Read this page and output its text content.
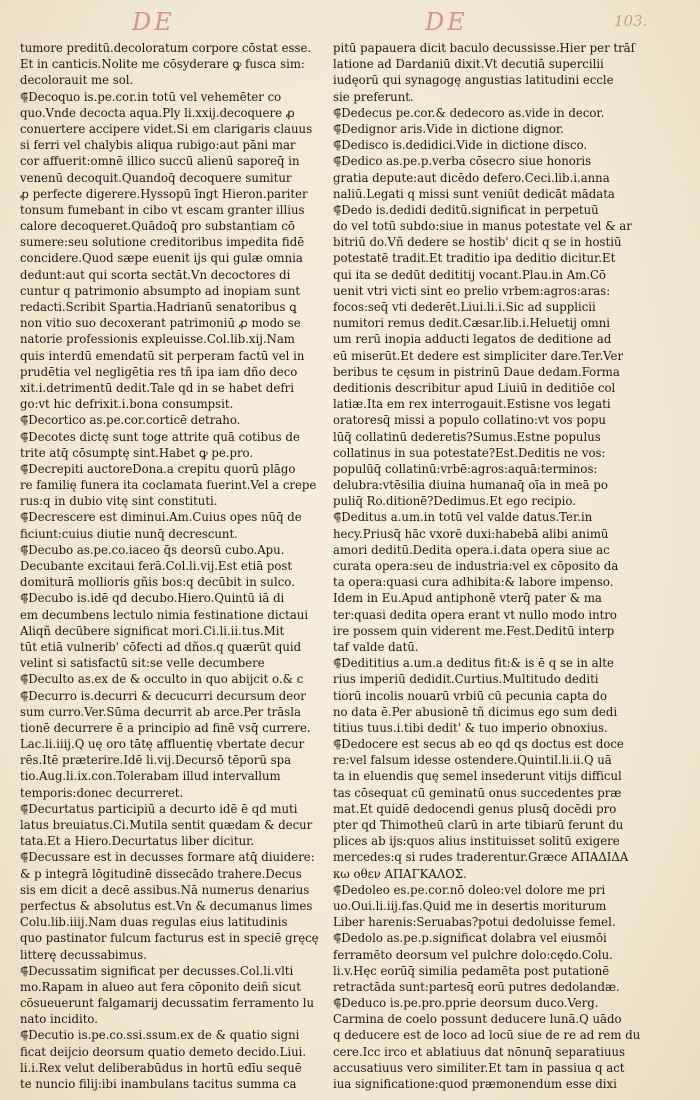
DE	DE	103.
tumore preditū.decoloratum corpore cōstat esse.
Et in canticis.Nolite me cōsyderare ꝙ fusca sim:
decolorauit me sol.
⸿Decoquo is.pe.cor.in totū vel vehemēter co
quo.Vnde decocta aqua.Ply li.xxij.decoquere ꝓ
conuertere accipere videt.Si em clarigaris clauus
si ferri vel chalybis aliqua rubigo:aut pāni mar
cor affuerit:omnē illico succū alienū saporeq̄ in
venenū decoquit.Quandoq̄ decoquere sumitur
ꝓ perfecte digerere.Hyssopū īngt Hieron.pariter
tonsum fumebant in cibo vt escam granter illius
calore decoqueret.Quādoq̄ pro substantiam cō
sumere:seu solutione creditoribus impedita fidē
concidere.Quod sæpe euenit ijs qui gulæ omnia
dedunt:aut qui scorta sectāt.Vn decoctores di
cuntur q patrimonio absumpto ad inopiam sunt
redacti.Scribit Spartia.Hadrianū senatoribus ꝗ
non vitio suo decoxerant patrimoniū ꝓ modo se
natorie professionis expleuisse.Col.lib.xij.Nam
quis interdū emendatū sit perperam factū vel in
prudētia vel negligētia res tñ ipa iam dño deco
xit.i.detrimentū dedit.Tale qd in se habet defri
go:vt hic defrixit.i.bona consumpsit.
⸿Decortico as.pe.cor.corticē detraho.
⸿Decotes dictę sunt toge attrite quā cotibus de
trite atq̄ cōsumptę sint.Habet ꝙ pe.pro.
⸿Decrepiti auctoreDona.a crepitu quorū plāgo
re familię funera ita coclamata fuerint.Vel a crepe
rus:q in dubio vitę sint constituti.
⸿Decrescere est diminui.Am.Cuius opes nūq̄ de
ficiunt:cuius diutie nunq̄ decrescunt.
⸿Decubo as.pe.co.iaceo q̄s deorsū cubo.Apu.
Decubante excitaui ferā.Col.li.vij.Est etiā post
domiturā mollioris gñis bos:q decūbit in sulco.
⸿Decubo is.idē qd decubo.Hiero.Quintū iā di
em decumbens lectulo nimia festinatione dictaui
Aliqñ decūbere significat mori.Ci.li.ii.tus.Mit
tūt etiā vulnerib' cōfecti ad dños.q quærūt quid
velint si satisfactū sit:se velle decumbere
⸿Deculto as.ex de & occulto in quo abijcit o.& c
⸿Decurro is.decurri & decucurri decursum deor
sum curro.Ver.Sūma decurrit ab arce.Per trāsla
tionē decurrere ē a principio ad finē vsq̄ currere.
Lac.li.iiij.Q uę oro tātę affluentię vbertate decur
rēs.Itē præterire.Idē li.vij.Decursō tēporū spa
tio.Aug.li.ix.con.Tolerabam illud intervallum
temporis:donec decurreret.
⸿Decurtatus participiū a decurto idē ē qd muti
latus breuiatus.Ci.Mutila sentit quædam & decur
tata.Et a Hiero.Decurtatus liber dicitur.
⸿Decussare est in decusses formare atq̄ diuidere:
& p integrā lōgitudinē dissecādo trahere.Decus
sis em dicit a decē assibus.Nā numerus denarius
perfectus & absolutus est.Vn & decumanus limes
Colu.lib.iiij.Nam duas regulas eius latitudinis
quo pastinator fulcum facturus est in speciē gręcę
litterę decussabimus.
⸿Decussatim significat per decusses.Col.li.vlti
mo.Rapam in alueo aut fera cōponito deiñ sicut
cōsueuerunt falgamarij decussatim ferramento lu
nato incidito.
⸿Decutio is.pe.co.ssi.ssum.ex de & quatio signi
ficat deijcio deorsum quatio demeto decido.Liui.
li.i.Rex velut deliberabūdus in hortū edīu sequē
te nuncio filij:ibi inambulans tacitus summa ca
pitū papauera dicit baculo decussisse.Hier per trāſ
latione ad Dardaniū dixit.Vt decutiā supercilii
iudęorū qui synagogę angustias latitudini eccle
sie preferunt.
⸿Dedecus pe.cor.& dedecoro as.vide in decor.
⸿Dedignor aris.Vide in dictione dignor.
⸿Dedisco is.dedidici.Vide in dictione disco.
⸿Dedico as.pe.p.verba cōsecro siue honoris
gratia depute:aut dicēdo defero.Ceci.lib.i.anna
naliū.Legati q missi sunt veniūt dedicāt mādata
⸿Dedo is.dedidi deditū.significat in perpetuū
do vel totū subdo:siue in manus potestate vel & ar
bitriū do.Vñ dedere se hostib' dicit q se in hostiū
potestatē tradit.Et traditio ipa deditio dicitur.Et
qui ita se dedūt dedititij vocant.Plau.in Am.Cō
uenit vtri victi sint eo prelio vrbem:agros:aras:
focos:seq̄ vti dederēt.Liui.li.i.Sic ad supplicii
numitori remus dedit.Cæsar.lib.i.Heluetij omni
um rerū inopia adducti legatos de deditione ad
eū miserūt.Et dedere est simpliciter dare.Ter.Ver
beribus te cęsum in pistrinū Daue dedam.Forma
deditionis describitur apud Liuiū in deditiōe col
latiæ.Ita em rex interrogauit.Estisne vos legati
oratoresq̄ missi a populo collatino:vt vos popu
lūq̄ collatinū dederetis?Sumus.Estne populus
collatinus in sua potestate?Est.Deditis ne vos:
populūq̄ collatinū:vrbē:agros:aquā:terminos:
delubra:vtēsilia diuina humanaq̄ oīa in meā po
puliq̄ Ro.ditionē?Dedimus.Et ego recipio.
⸿Deditus a.um.in totū vel valde datus.Ter.in
hecy.Priusq̄ hāc vxorē duxi:habebā alibi animū
amori deditū.Dedita opera.i.data opera siue ac
curata opera:seu de industria:vel ex cōposito da
ta opera:quasi cura adhibita:& labore impenso.
Idem in Eu.Apud antiphonē vterq̄ pater & ma
ter:quasi dedita opera erant vt nullo modo intro
ire possem quin viderent me.Fest.Deditū interp
taf valde datū.
⸿Dedititius a.um.a deditus fit:& is ē q se in alte
rius imperiū dedidit.Curtius.Multitudo dediti
tiorū incolis nouarū vrbiū cū pecunia capta do
no data ē.Per abusionē tñ dicimus ego sum dedi
titius tuus.i.tibi dedit' & tuo imperio obnoxius.
⸿Dedocere est secus ab eo qd qs doctus est doce
re:vel falsum idesse ostendere.Quintil.li.ii.Q uā
ta in eluendis quę semel insederunt vitijs difficul
tas cōsequat cū geminatū onus succedentes præ
mat.Et quidē dedocendi genus plusq̄ docēdi pro
pter qd Thimotheū clarū in arte tibiarū ferunt du
plices ab ijs:quos alius instituisset solitū exigere
mercedes:q si rudes traderentur.Græce ΑΠΑΔΙΔΑ
κω οθεν ΑΠΑΓΚΑΛΟΣ.
⸿Dedoleo es.pe.cor.nō doleo:vel dolore me pri
uo.Oui.li.iij.fas.Quid me in desertis moriturum
Liber harenis:Seruabas?potui dedoluisse femel.
⸿Dedolo as.pe.p.significat dolabra vel eiusmōi
ferramēto deorsum vel pulchre dolo:cędo.Colu.
li.v.Hęc eorūq̄ similia pedamēta post putationē
retractāda sunt:partesq̄ eorū putres dedolandæ.
⸿Deduco is.pe.pro.pprie deorsum duco.Verg.
Carmina de coelo possunt deducere lunā.Q uādo
q deducere est de loco ad locū siue de re ad rem du
cere.Icc irco et ablatiuus dat nōnunq̄ separatiuus
accusatiuus vero similiter.Et tam in passiua q act
iua significatione:quod præmonendum esse dixi
